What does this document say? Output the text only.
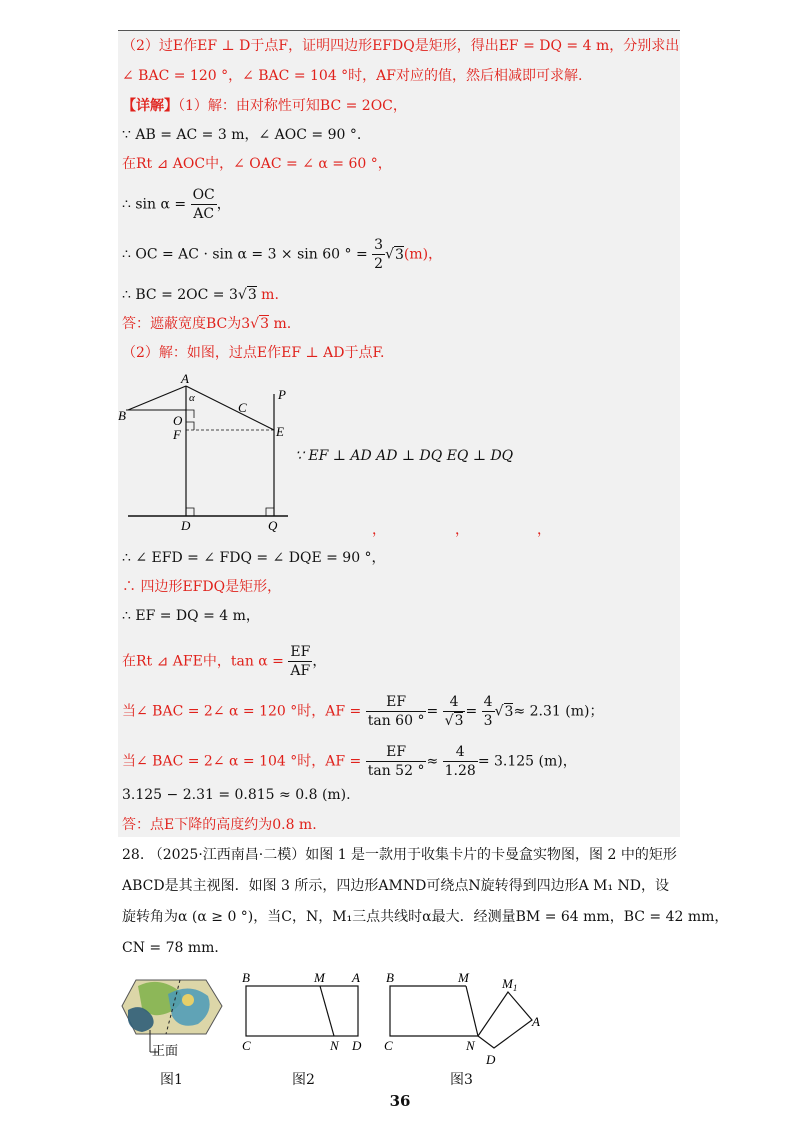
（2）过E作EF ⊥ D于点F，证明四边形EFDQ是矩形，得出EF = DQ = 4 m，分别求出
∠ BAC = 120 °，∠ BAC = 104 °时，AF对应的值，然后相减即可求解.
【详解】（1）解：由对称性可知BC = 2OC，
∵ AB = AC = 3 m，∠ AOC = 90 °.
在Rt ⊿ AOC中，∠ OAC = ∠ α = 60 °，
∴ $\sin \alpha = \frac{OC}{AC}$ ，
∴ OC = AC · sin α = 3 × sin 60 ° = $\frac{3}{2} √3(m)$，
∴ BC = 2OC = 3√3 m.
答：遮蔽宽度BC为3√3 m.
（2）解：如图，过点E作EF ⊥ AD于点F.
A
α
B
C
O
F
P
E
D	Q
∵ EF ⊥ AD AD ⊥ DQ EQ ⊥ DQ
，	，	，
∴ ∠ EFD = ∠ FDQ = ∠ DQE = 90 °，
∴ 四边形EFDQ是矩形，
∴ EF = DQ = 4 m，
在Rt ⊿ AFE中，$\tan \alpha = \frac{EF}{AF}$ ，
当∠ BAC = 2∠ α = 120 °时，AF = $\frac{EF}{\tan 60 ^\circ} = \frac{4}{√3} = \frac{4}{3} √3\approx 2.31$ (m)；
当∠ BAC = 2∠ α = 104 °时，AF = $\frac{EF}{\tan 52 ^\circ} \approx \frac{4}{1.28} = 3.125$ (m)，
3.125 − 2.31 = 0.815 ≈ 0.8 (m).
答：点E下降的高度约为0.8 m.
28. （2025·江西南昌·二模）如图 1 是一款用于收集卡片的卡曼盒实物图，图 2 中的矩形
ABCD是其主视图．如图 3 所示，四边形AMND可绕点N旋转得到四边形A M₁ ND，设
旋转角为α (α ≥ 0 °)，当C，N，M₁三点共线时α最大．经测量BM = 64 mm，BC = 42 mm，
CN = 78 mm．
正面
B	M A
C	N D
B	M	$M_1$
A
C	N
D
图1	图2	图3
36
